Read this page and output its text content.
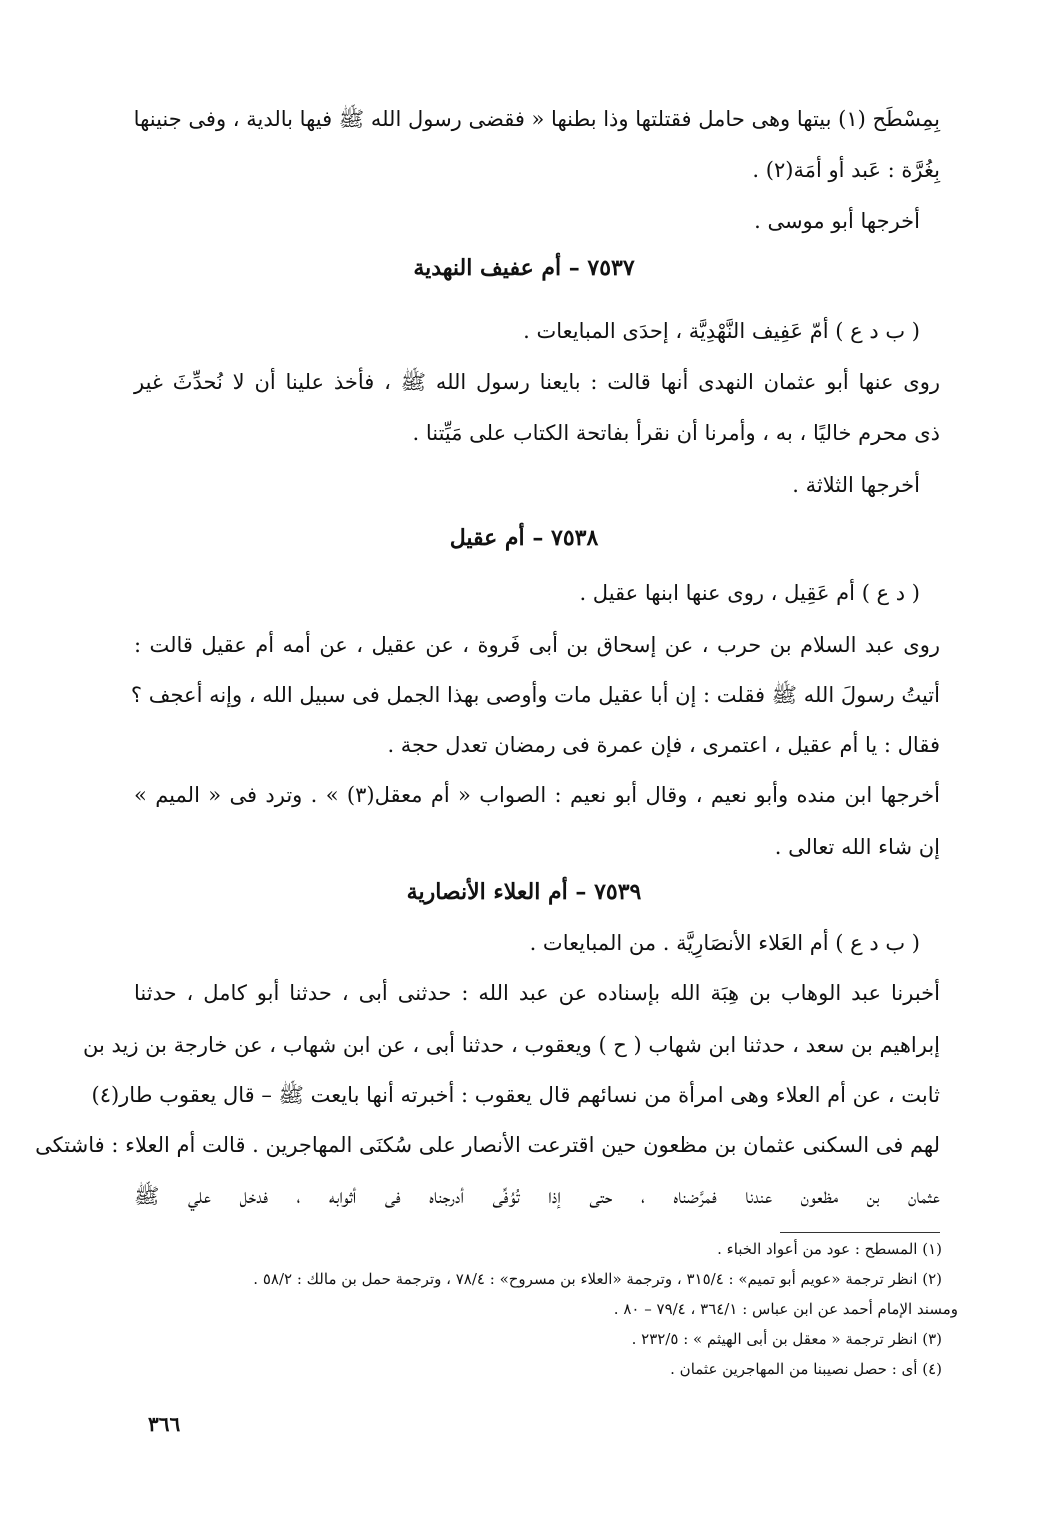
بِمِسْطَح (١) بيتها وهى حامل فقتلتها وذا بطنها « فقضى رسول الله ﷺ فيها بالدية ، وفى جنينها
بِغُرَّة : عَبد أو أمَة(٢) .
أخرجها أبو موسى .
٧٥٣٧ – أم عفيف النهدية
( ب د ع ) أمّ عَفِيف النَّهْدِيَّة ، إحدَى المبايعات .
روى عنها أبو عثمان النهدى أنها قالت : بايعنا رسول الله ﷺ ، فأخذ علينا أن لا نُحدِّثَ غير
ذى محرم خاليًا ، به ، وأمرنا أن نقرأ بفاتحة الكتاب على مَيِّتنا .
أخرجها الثلاثة .
٧٥٣٨ – أم عقيل
( د ع ) أم عَقِيل ، روى عنها ابنها عقيل .
روى عبد السلام بن حرب ، عن إسحاق بن أبى فَروة ، عن عقيل ، عن أمه أم عقيل قالت :
أتيتُ رسولَ الله ﷺ فقلت : إن أبا عقيل مات وأوصى بهذا الجمل فى سبيل الله ، وإنه أعجف ؟
فقال : يا أم عقيل ، اعتمرى ، فإن عمرة فى رمضان تعدل حجة .
أخرجها ابن منده وأبو نعيم ، وقال أبو نعيم : الصواب « أم معقل(٣) » . وترد فى « الميم »
إن شاء الله تعالى .
٧٥٣٩ – أم العلاء الأنصارية
( ب د ع ) أم العَلاء الأنصَارِيَّة . من المبايعات .
أخبرنا عبد الوهاب بن هِبَة الله بإسناده عن عبد الله : حدثنى أبى ، حدثنا أبو كامل ، حدثنا
إبراهيم بن سعد ، حدثنا ابن شهاب ( ح ) ويعقوب ، حدثنا أبى ، عن ابن شهاب ، عن خارجة بن زيد بن
ثابت ، عن أم العلاء وهى امرأة من نسائهم قال يعقوب : أخبرته أنها بايعت ﷺ – قال يعقوب طار(٤)
لهم فى السكنى عثمان بن مظعون حين اقترعت الأنصار على سُكنَى المهاجرين . قالت أم العلاء : فاشتكى
عثمان بن مظعون عندنا فمرَّضناه ، حتى إذا تُوُفِّى أدرجناه فى أثوابه ، فدخل علي ﷺ
(١) المسطح : عود من أعواد الخباء .
(٢) انظر ترجمة «عويم أبو تميم» : ٣١٥/٤ ، وترجمة «العلاء بن مسروح» : ٧٨/٤ ، وترجمة حمل بن مالك : ٥٨/٢ .
ومسند الإمام أحمد عن ابن عباس : ٣٦٤/١ ، ٧٩/٤ – ٨٠ .
(٣) انظر ترجمة « معقل بن أبى الهيثم » : ٢٣٢/٥ .
(٤) أى : حصل نصيبنا من المهاجرين عثمان .
٣٦٦
